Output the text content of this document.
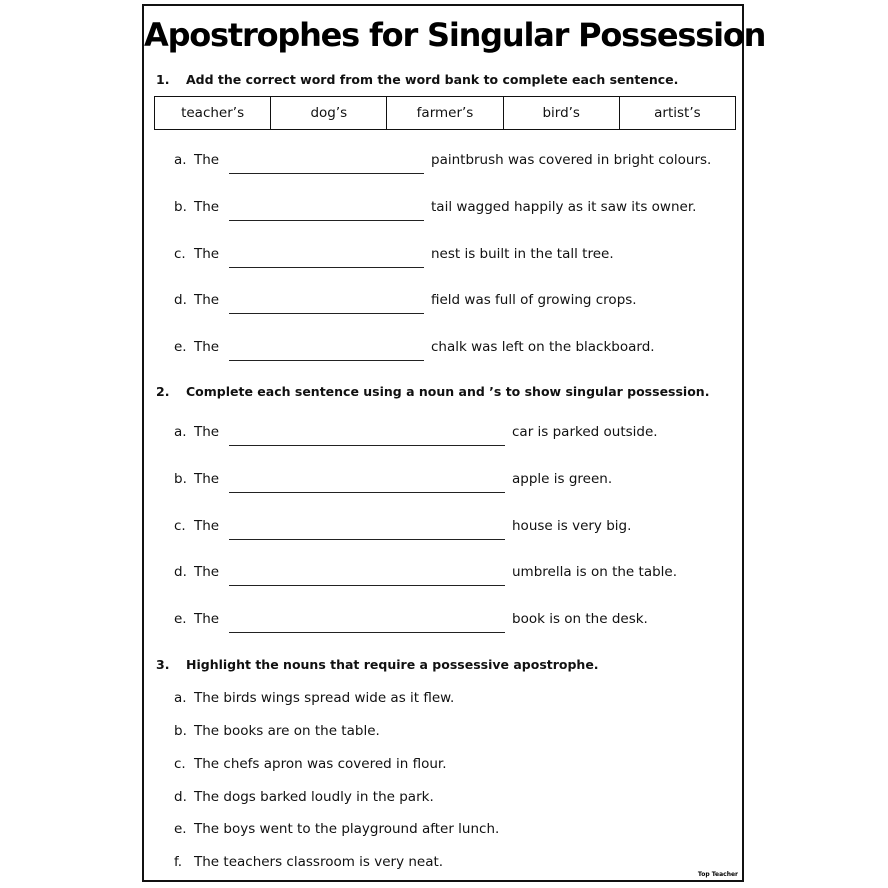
Apostrophes for Singular Possession
1. Add the correct word from the word bank to complete each sentence.
teacher’s	dog’s	farmer’s	bird’s	artist’s
a. The	paintbrush was covered in bright colours.
b. The	tail wagged happily as it saw its owner.
c. The	nest is built in the tall tree.
d. The	field was full of growing crops.
e. The	chalk was left on the blackboard.
2. Complete each sentence using a noun and ’s to show singular possession.
a. The	car is parked outside.
b. The	apple is green.
c. The	house is very big.
d. The	umbrella is on the table.
e. The	book is on the desk.
3. Highlight the nouns that require a possessive apostrophe.
a. The birds wings spread wide as it flew.
b. The books are on the table.
c. The chefs apron was covered in flour.
d. The dogs barked loudly in the park.
e. The boys went to the playground after lunch.
f. The teachers classroom is very neat.
Top Teacher
